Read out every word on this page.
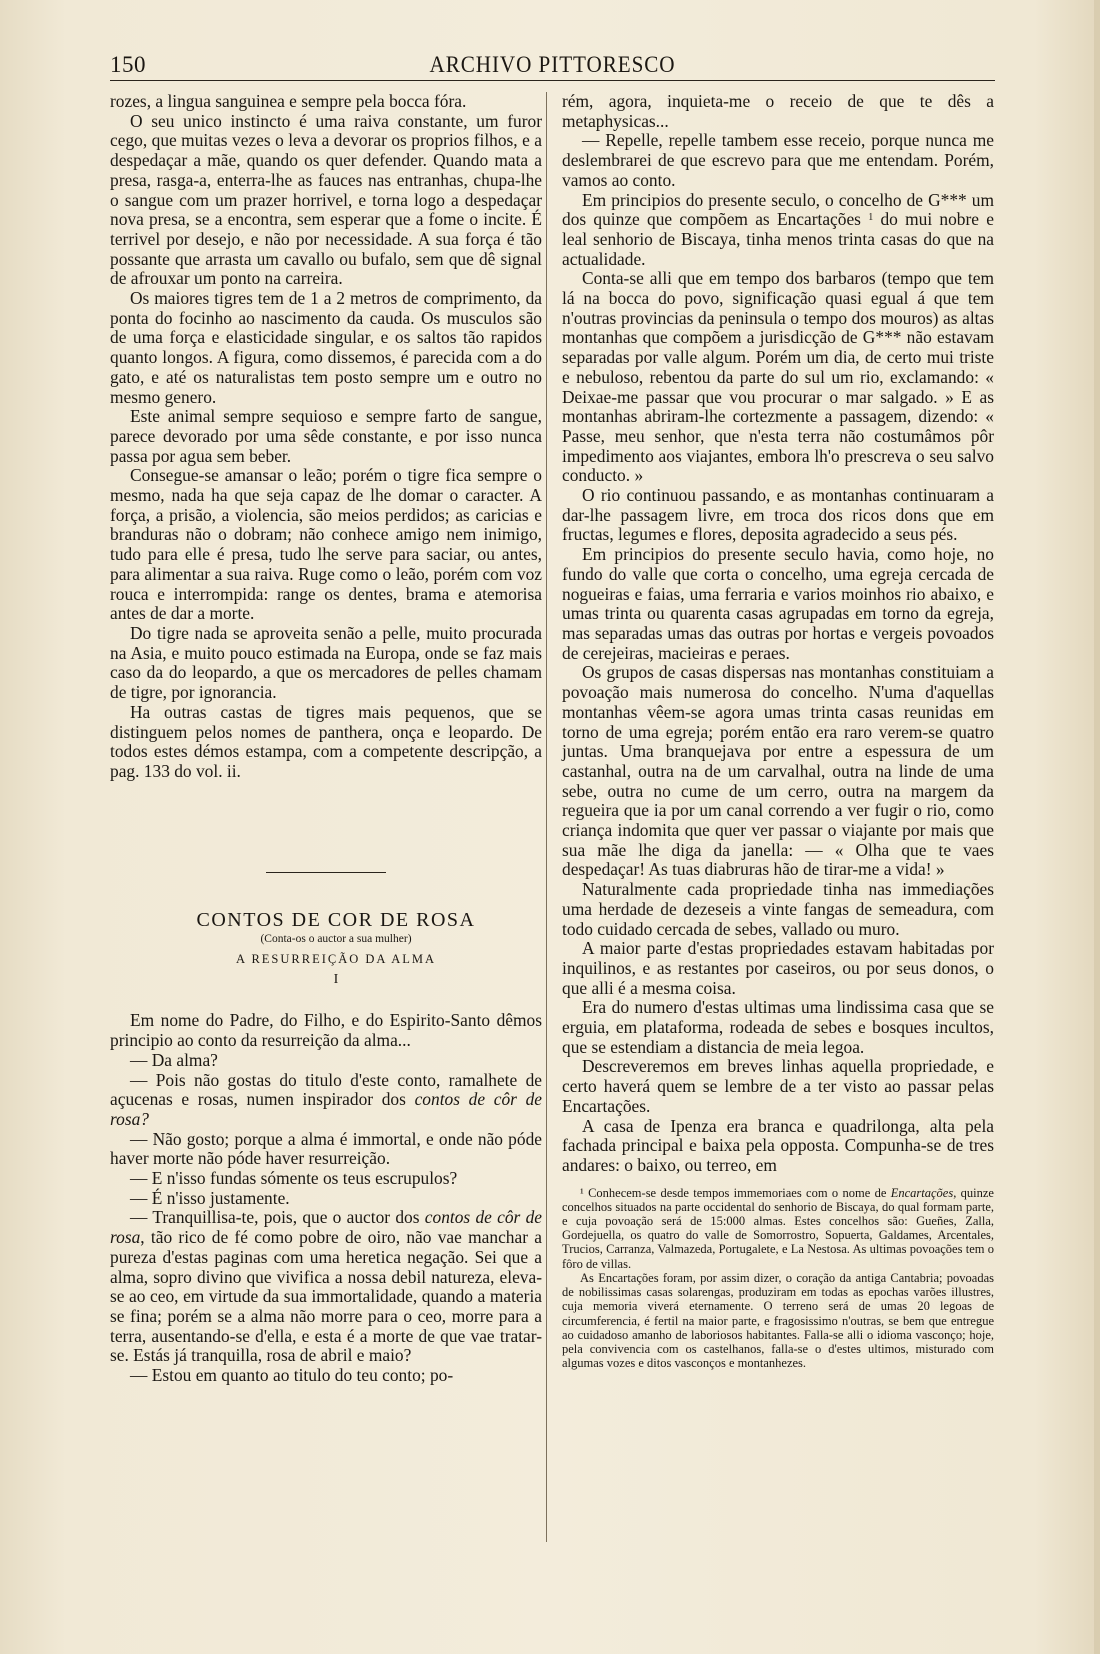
150	ARCHIVO PITTORESCO

rozes, a lingua sanguinea e sempre pela bocca fóra.

O seu unico instincto é uma raiva constante, um furor cego, que muitas vezes o leva a devorar os proprios filhos, e a despedaçar a mãe, quando os quer defender. Quando mata a presa, rasga-a, enterra-lhe as fauces nas entranhas, chupa-lhe o sangue com um prazer horrivel, e torna logo a despedaçar nova presa, se a encontra, sem esperar que a fome o incite. É terrivel por desejo, e não por necessidade. A sua força é tão possante que arrasta um cavallo ou bufalo, sem que dê signal de afrouxar um ponto na carreira.

Os maiores tigres tem de 1 a 2 metros de comprimento, da ponta do focinho ao nascimento da cauda. Os musculos são de uma força e elasticidade singular, e os saltos tão rapidos quanto longos. A figura, como dissemos, é parecida com a do gato, e até os naturalistas tem posto sempre um e outro no mesmo genero.

Este animal sempre sequioso e sempre farto de sangue, parece devorado por uma sêde constante, e por isso nunca passa por agua sem beber.

Consegue-se amansar o leão; porém o tigre fica sempre o mesmo, nada ha que seja capaz de lhe domar o caracter. A força, a prisão, a violencia, são meios perdidos; as caricias e branduras não o dobram; não conhece amigo nem inimigo, tudo para elle é presa, tudo lhe serve para saciar, ou antes, para alimentar a sua raiva. Ruge como o leão, porém com voz rouca e interrompida: range os dentes, brama e atemorisa antes de dar a morte.

Do tigre nada se aproveita senão a pelle, muito procurada na Asia, e muito pouco estimada na Europa, onde se faz mais caso da do leopardo, a que os mercadores de pelles chamam de tigre, por ignorancia.

Ha outras castas de tigres mais pequenos, que se distinguem pelos nomes de panthera, onça e leopardo. De todos estes démos estampa, com a competente descripção, a pag. 133 do vol. ii.

CONTOS DE COR DE ROSA

(Conta-os o auctor a sua mulher)

A RESURREIÇÃO DA ALMA

I

Em nome do Padre, do Filho, e do Espirito-Santo dêmos principio ao conto da resurreição da alma...

— Da alma?

— Pois não gostas do titulo d'este conto, ramalhete de açucenas e rosas, numen inspirador dos contos de côr de rosa?

— Não gosto; porque a alma é immortal, e onde não póde haver morte não póde haver resurreição.

— E n'isso fundas sómente os teus escrupulos?

— É n'isso justamente.

— Tranquillisa-te, pois, que o auctor dos contos de côr de rosa, tão rico de fé como pobre de oiro, não vae manchar a pureza d'estas paginas com uma heretica negação. Sei que a alma, sopro divino que vivifica a nossa debil natureza, eleva-se ao ceo, em virtude da sua immortalidade, quando a materia se fina; porém se a alma não morre para o ceo, morre para a terra, ausentando-se d'ella, e esta é a morte de que vae tratar-se. Estás já tranquilla, rosa de abril e maio?

— Estou em quanto ao titulo do teu conto; po-

rém, agora, inquieta-me o receio de que te dês a metaphysicas...

— Repelle, repelle tambem esse receio, porque nunca me deslembrarei de que escrevo para que me entendam. Porém, vamos ao conto.

Em principios do presente seculo, o concelho de G*** um dos quinze que compõem as Encartações $^1$ do mui nobre e leal senhorio de Biscaya, tinha menos trinta casas do que na actualidade.

Conta-se alli que em tempo dos barbaros (tempo que tem lá na bocca do povo, significação quasi egual á que tem n'outras provincias da peninsula o tempo dos mouros) as altas montanhas que compõem a jurisdicção de G*** não estavam separadas por valle algum. Porém um dia, de certo mui triste e nebuloso, rebentou da parte do sul um rio, exclamando: « Deixae-me passar que vou procurar o mar salgado. » E as montanhas abriram-lhe cortezmente a passagem, dizendo: « Passe, meu senhor, que n'esta terra não costumâmos pôr impedimento aos viajantes, embora lh'o prescreva o seu salvo conducto. »

O rio continuou passando, e as montanhas continuaram a dar-lhe passagem livre, em troca dos ricos dons que em fructas, legumes e flores, deposita agradecido a seus pés.

Em principios do presente seculo havia, como hoje, no fundo do valle que corta o concelho, uma egreja cercada de nogueiras e faias, uma ferraria e varios moinhos rio abaixo, e umas trinta ou quarenta casas agrupadas em torno da egreja, mas separadas umas das outras por hortas e vergeis povoados de cerejeiras, macieiras e peraes.

Os grupos de casas dispersas nas montanhas constituiam a povoação mais numerosa do concelho. N'uma d'aquellas montanhas vêem-se agora umas trinta casas reunidas em torno de uma egreja; porém então era raro verem-se quatro juntas. Uma branquejava por entre a espessura de um castanhal, outra na de um carvalhal, outra na linde de uma sebe, outra no cume de um cerro, outra na margem da regueira que ia por um canal correndo a ver fugir o rio, como criança indomita que quer ver passar o viajante por mais que sua mãe lhe diga da janella: — « Olha que te vaes despedaçar! As tuas diabruras hão de tirar-me a vida! »

Naturalmente cada propriedade tinha nas immediações uma herdade de dezeseis a vinte fangas de semeadura, com todo cuidado cercada de sebes, vallado ou muro.

A maior parte d'estas propriedades estavam habitadas por inquilinos, e as restantes por caseiros, ou por seus donos, o que alli é a mesma coisa.

Era do numero d'estas ultimas uma lindissima casa que se erguia, em plataforma, rodeada de sebes e bosques incultos, que se estendiam a distancia de meia legoa.

Descreveremos em breves linhas aquella propriedade, e certo haverá quem se lembre de a ter visto ao passar pelas Encartações.

A casa de Ipenza era branca e quadrilonga, alta pela fachada principal e baixa pela opposta. Compunha-se de tres andares: o baixo, ou terreo, em

¹ Conhecem-se desde tempos immemoriaes com o nome de Encartações, quinze concelhos situados na parte occidental do senhorio de Biscaya, do qual formam parte, e cuja povoação será de 15:000 almas. Estes concelhos são: Gueñes, Zalla, Gordejuella, os quatro do valle de Somorrostro, Sopuerta, Galdames, Arcentales, Trucios, Carranza, Valmazeda, Portugalete, e La Nestosa. As ultimas povoações tem o fôro de villas.

As Encartações foram, por assim dizer, o coração da antiga Cantabria; povoadas de nobilissimas casas solarengas, produziram em todas as epochas varões illustres, cuja memoria viverá eternamente. O terreno será de umas 20 legoas de circumferencia, é fertil na maior parte, e fragosissimo n'outras, se bem que entregue ao cuidadoso amanho de laboriosos habitantes. Falla-se alli o idioma vasconço; hoje, pela convivencia com os castelhanos, falla-se o d'estes ultimos, misturado com algumas vozes e ditos vasconços e montanhezes.
